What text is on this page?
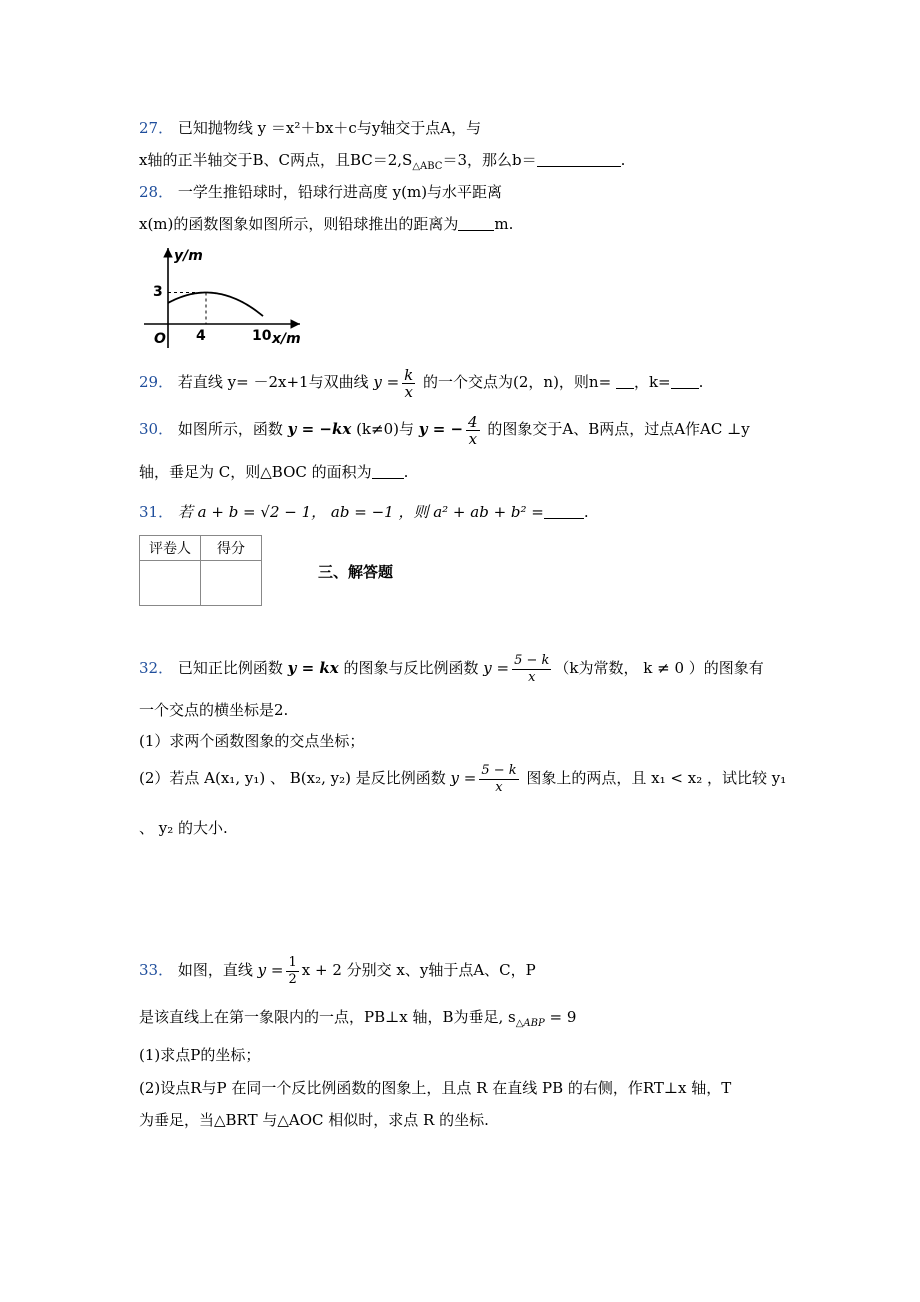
27． 已知抛物线 y ＝x²＋bx＋c与y轴交于点A，与
x轴的正半轴交于B、C两点，且$BC=2,S_{\triangle ABC}=3$，那么b＝	.
28． 一学生推铅球时，铅球行进高度 y(m)与水平距离
x(m)的函数图象如图所示，则铅球推出的距离为 m.
y/m
x/m
O
3
4	10
29． 若直线 y= －2x+1与双曲线 $y = \frac{k}{x}$ 的一个交点为(2，n)，则n= ，k= .
30． 如图所示，函数 y = −kx (k≠0)与 y = − $\frac{4}{x}$ 的图象交于A、B两点，过点A作AC ⊥y
轴，垂足为 C，则△BOC 的面积为 .
31． 若 a + b = √2 − 1， ab = −1 ，则 a² + ab + b² =	.
评卷人	得分

三、解答题
32． 已知正比例函数 y = kx 的图象与反比例函数 $y = \frac{5 - k}{x} (k$为常数， k ≠ 0 ）的图象有
一个交点的横坐标是2.
(1）求两个函数图象的交点坐标；
(2）若点 A(x₁, y₁) 、 B(x₂, y₂) 是反比例函数 $y = \frac{5 - k}{x}$ 图象上的两点，且 x₁ < x₂ ，试比较 y₁
、 y₂ 的大小.
33． 如图，直线 $y = \frac{1}{2}$ x + 2 分别交 x、y轴于点A、C，P
是该直线上在第一象限内的一点，PB⊥x 轴，B为垂足, $s_{\triangle ABP} = 9$
(1)求点P的坐标；
(2)设点R与P 在同一个反比例函数的图象上，且点 R 在直线 PB 的右侧，作RT⊥x 轴，T
为垂足，当△BRT 与△AOC 相似时，求点 R 的坐标.
